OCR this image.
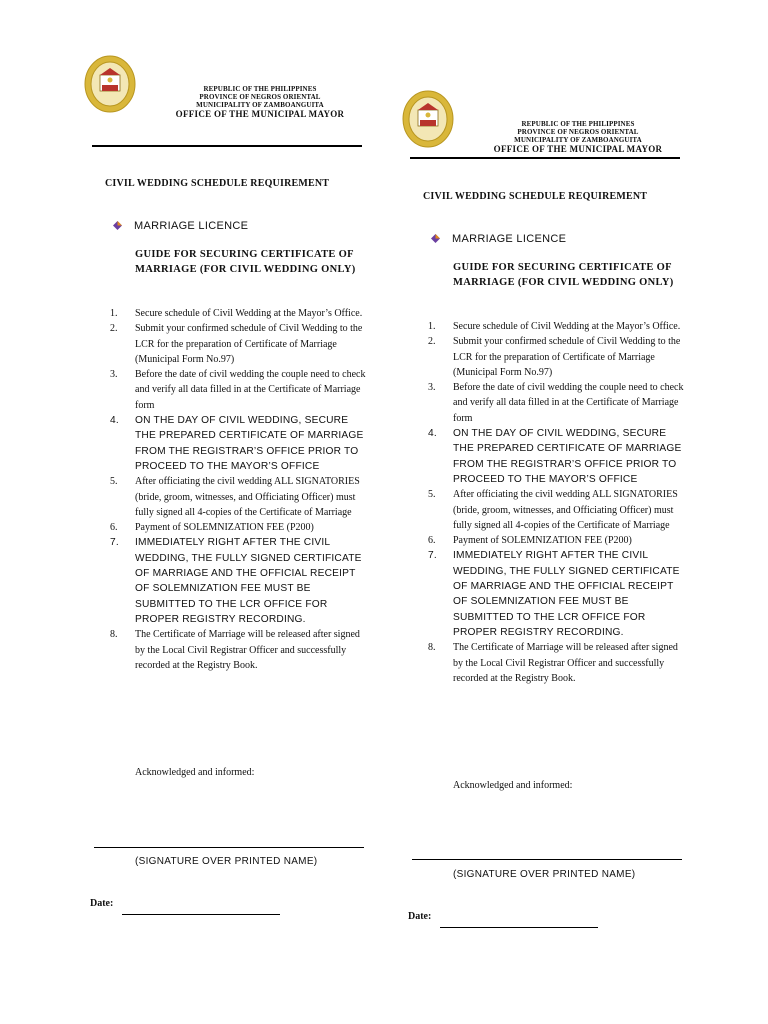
REPUBLIC OF THE PHILIPPINES
PROVINCE OF NEGROS ORIENTAL
MUNICIPALITY OF ZAMBOANGUITA
OFFICE OF THE MUNICIPAL MAYOR
CIVIL WEDDING SCHEDULE REQUIREMENT
MARRIAGE LICENCE
GUIDE FOR SECURING CERTIFICATE OF MARRIAGE (FOR CIVIL WEDDING ONLY)
1. Secure schedule of Civil Wedding at the Mayor’s Office.
2. Submit your confirmed schedule of Civil Wedding to the LCR for the preparation of Certificate of Marriage (Municipal Form No.97)
3. Before the date of civil wedding the couple need to check and verify all data filled in at the Certificate of Marriage form
4. ON THE DAY OF CIVIL WEDDING, SECURE THE PREPARED CERTIFICATE OF MARRIAGE FROM THE REGISTRAR’S OFFICE PRIOR TO PROCEED TO THE MAYOR’S OFFICE
5. After officiating the civil wedding ALL SIGNATORIES (bride, groom, witnesses, and Officiating Officer) must fully signed all 4-copies of the Certificate of Marriage
6. Payment of SOLEMNIZATION FEE (P200)
7. IMMEDIATELY RIGHT AFTER THE CIVIL WEDDING, THE FULLY SIGNED CERTIFICATE OF MARRIAGE AND THE OFFICIAL RECEIPT OF SOLEMNIZATION FEE MUST BE SUBMITTED TO THE LCR OFFICE FOR PROPER REGISTRY RECORDING.
8. The Certificate of Marriage will be released after signed by the Local Civil Registrar Officer and successfully recorded at the Registry Book.
Acknowledged and informed:
(SIGNATURE OVER PRINTED NAME)
Date:
REPUBLIC OF THE PHILIPPINES
PROVINCE OF NEGROS ORIENTAL
MUNICIPALITY OF ZAMBOANGUITA
OFFICE OF THE MUNICIPAL MAYOR
CIVIL WEDDING SCHEDULE REQUIREMENT
MARRIAGE LICENCE
GUIDE FOR SECURING CERTIFICATE OF MARRIAGE (FOR CIVIL WEDDING ONLY)
1. Secure schedule of Civil Wedding at the Mayor’s Office.
2. Submit your confirmed schedule of Civil Wedding to the LCR for the preparation of Certificate of Marriage (Municipal Form No.97)
3. Before the date of civil wedding the couple need to check and verify all data filled in at the Certificate of Marriage form
4. ON THE DAY OF CIVIL WEDDING, SECURE THE PREPARED CERTIFICATE OF MARRIAGE FROM THE REGISTRAR’S OFFICE PRIOR TO PROCEED TO THE MAYOR’S OFFICE
5. After officiating the civil wedding ALL SIGNATORIES (bride, groom, witnesses, and Officiating Officer) must fully signed all 4-copies of the Certificate of Marriage
6. Payment of SOLEMNIZATION FEE (P200)
7. IMMEDIATELY RIGHT AFTER THE CIVIL WEDDING, THE FULLY SIGNED CERTIFICATE OF MARRIAGE AND THE OFFICIAL RECEIPT OF SOLEMNIZATION FEE MUST BE SUBMITTED TO THE LCR OFFICE FOR PROPER REGISTRY RECORDING.
8. The Certificate of Marriage will be released after signed by the Local Civil Registrar Officer and successfully recorded at the Registry Book.
Acknowledged and informed:
(SIGNATURE OVER PRINTED NAME)
Date:
